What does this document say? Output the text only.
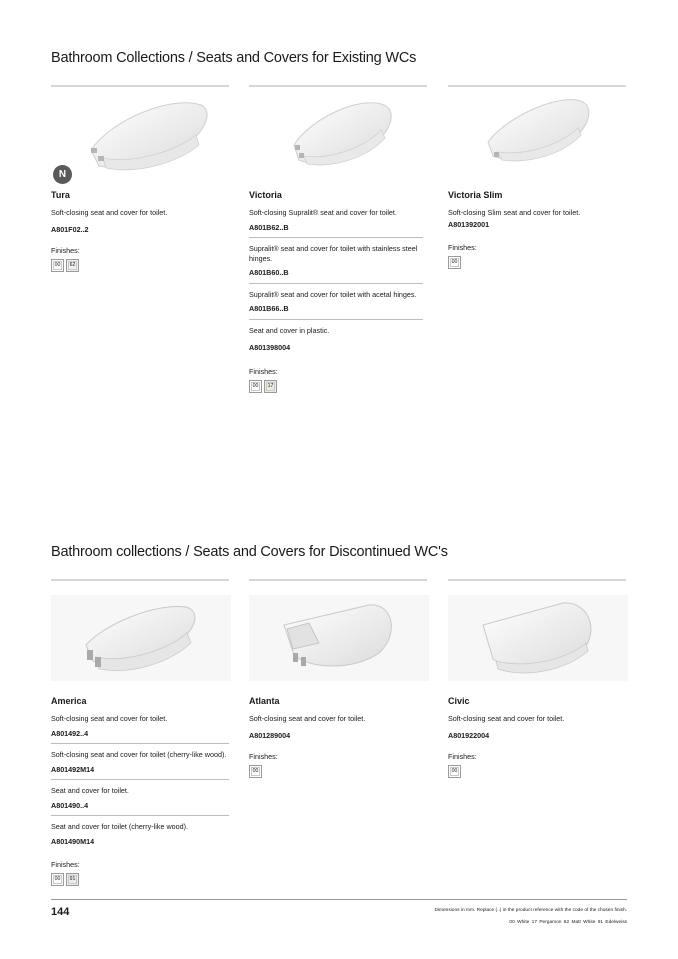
Bathroom Collections / Seats and Covers for Existing WCs
N
Tura
Soft-closing seat and cover for toilet.
A801F02..2
Finishes:
00	62
Victoria
Soft-closing Supralit® seat and cover for toilet.
A801B62..B
Supralit® seat and cover for toilet with stainless steel hinges.
A801B60..B
Supralit® seat and cover for toilet with acetal hinges.
A801B66..B
Seat and cover in plastic.
A801398004
Finishes:
00	17
Victoria Slim
Soft-closing Slim seat and cover for toilet.
A801392001
Finishes:
00
Bathroom collections / Seats and Covers for Discontinued WC's
America
Soft-closing seat and cover for toilet.
A801492..4
Soft-closing seat and cover for toilet (cherry-like wood).
A801492M14
Seat and cover for toilet.
A801490..4
Seat and cover for toilet (cherry-like wood).
A801490M14
Finishes:
00	91
Atlanta
Soft-closing seat and cover for toilet.
A801289004
Finishes:
00
Civic
Soft-closing seat and cover for toilet.
A801922004
Finishes:
00
144	Dimensions in mm. Replace (..) in the product reference with the code of the chosen finish.
00 White 17 Pergamon 62 Matt White 91 Edelweiss
